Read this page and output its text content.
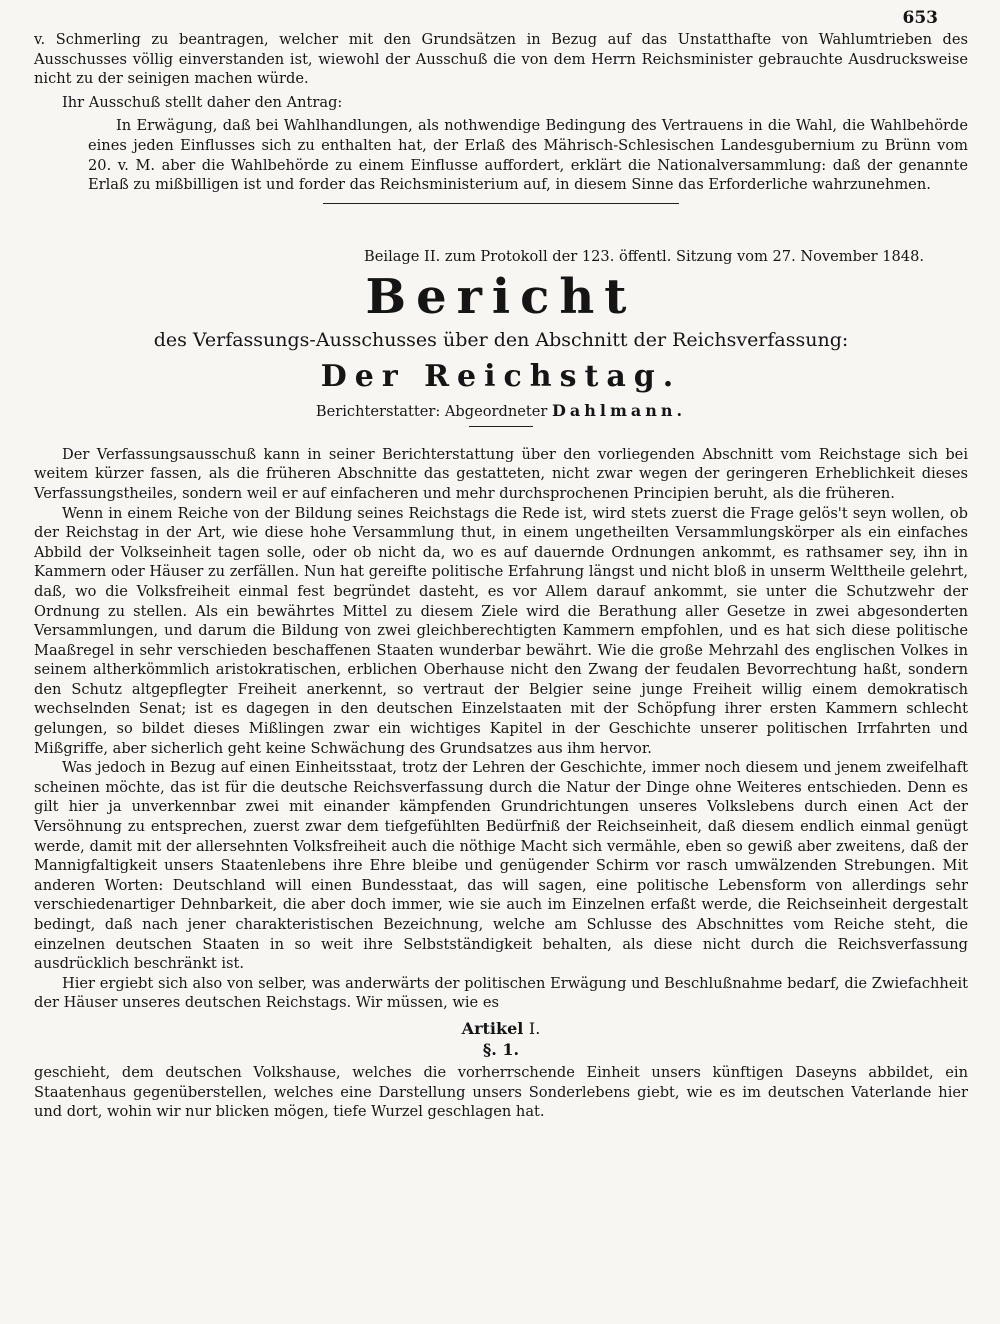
653

v. Schmerling zu beantragen, welcher mit den Grundsätzen in Bezug auf das Unstatthafte von Wahlumtrieben des Ausschusses völlig einverstanden ist, wiewohl der Ausschuß die von dem Herrn Reichsminister gebrauchte Ausdrucksweise nicht zu der seinigen machen würde.

Ihr Ausschuß stellt daher den Antrag:

In Erwägung, daß bei Wahlhandlungen, als nothwendige Bedingung des Vertrauens in die Wahl, die Wahlbehörde eines jeden Einflusses sich zu enthalten hat, der Erlaß des Mährisch-Schlesischen Landesgubernium zu Brünn vom 20. v. M. aber die Wahlbehörde zu einem Einflusse auffordert, erklärt die Nationalversammlung: daß der genannte Erlaß zu mißbilligen ist und forder das Reichsministerium auf, in diesem Sinne das Erforderliche wahrzunehmen.

Beilage II. zum Protokoll der 123. öffentl. Sitzung vom 27. November 1848.
Bericht
des Verfassungs-Ausschusses über den Abschnitt der Reichsverfassung:
Der Reichstag.
Berichterstatter: Abgeordneter Dahlmann.

Der Verfassungsausschuß kann in seiner Berichterstattung über den vorliegenden Abschnitt vom Reichstage sich bei weitem kürzer fassen, als die früheren Abschnitte das gestatteten, nicht zwar wegen der geringeren Erheblichkeit dieses Verfassungstheiles, sondern weil er auf einfacheren und mehr durchsprochenen Principien beruht, als die früheren.

Wenn in einem Reiche von der Bildung seines Reichstags die Rede ist, wird stets zuerst die Frage gelös't seyn wollen, ob der Reichstag in der Art, wie diese hohe Versammlung thut, in einem ungetheilten Versammlungskörper als ein einfaches Abbild der Volkseinheit tagen solle, oder ob nicht da, wo es auf dauernde Ordnungen ankommt, es rathsamer sey, ihn in Kammern oder Häuser zu zerfällen. Nun hat gereifte politische Erfahrung längst und nicht bloß in unserm Welttheile gelehrt, daß, wo die Volksfreiheit einmal fest begründet dasteht, es vor Allem darauf ankommt, sie unter die Schutzwehr der Ordnung zu stellen. Als ein bewährtes Mittel zu diesem Ziele wird die Berathung aller Gesetze in zwei abgesonderten Versammlungen, und darum die Bildung von zwei gleichberechtigten Kammern empfohlen, und es hat sich diese politische Maaßregel in sehr verschieden beschaffenen Staaten wunderbar bewährt. Wie die große Mehrzahl des englischen Volkes in seinem altherkömmlich aristokratischen, erblichen Oberhause nicht den Zwang der feudalen Bevorrechtung haßt, sondern den Schutz altgepflegter Freiheit anerkennt, so vertraut der Belgier seine junge Freiheit willig einem demokratisch wechselnden Senat; ist es dagegen in den deutschen Einzelstaaten mit der Schöpfung ihrer ersten Kammern schlecht gelungen, so bildet dieses Mißlingen zwar ein wichtiges Kapitel in der Geschichte unserer politischen Irrfahrten und Mißgriffe, aber sicherlich geht keine Schwächung des Grundsatzes aus ihm hervor.

Was jedoch in Bezug auf einen Einheitsstaat, trotz der Lehren der Geschichte, immer noch diesem und jenem zweifelhaft scheinen möchte, das ist für die deutsche Reichsverfassung durch die Natur der Dinge ohne Weiteres entschieden. Denn es gilt hier ja unverkennbar zwei mit einander kämpfenden Grundrichtungen unseres Volkslebens durch einen Act der Versöhnung zu entsprechen, zuerst zwar dem tiefgefühlten Bedürfniß der Reichseinheit, daß diesem endlich einmal genügt werde, damit mit der allersehnten Volksfreiheit auch die nöthige Macht sich vermähle, eben so gewiß aber zweitens, daß der Mannigfaltigkeit unsers Staatenlebens ihre Ehre bleibe und genügender Schirm vor rasch umwälzenden Strebungen. Mit anderen Worten: Deutschland will einen Bundesstaat, das will sagen, eine politische Lebensform von allerdings sehr verschiedenartiger Dehnbarkeit, die aber doch immer, wie sie auch im Einzelnen erfaßt werde, die Reichseinheit dergestalt bedingt, daß nach jener charakteristischen Bezeichnung, welche am Schlusse des Abschnittes vom Reiche steht, die einzelnen deutschen Staaten in so weit ihre Selbstständigkeit behalten, als diese nicht durch die Reichsverfassung ausdrücklich beschränkt ist.

Hier ergiebt sich also von selber, was anderwärts der politischen Erwägung und Beschlußnahme bedarf, die Zwiefachheit der Häuser unseres deutschen Reichstags. Wir müssen, wie es

Artikel I.
§. 1.

geschieht, dem deutschen Volkshause, welches die vorherrschende Einheit unsers künftigen Daseyns abbildet, ein Staatenhaus gegenüberstellen, welches eine Darstellung unsers Sonderlebens giebt, wie es im deutschen Vaterlande hier und dort, wohin wir nur blicken mögen, tiefe Wurzel geschlagen hat.
